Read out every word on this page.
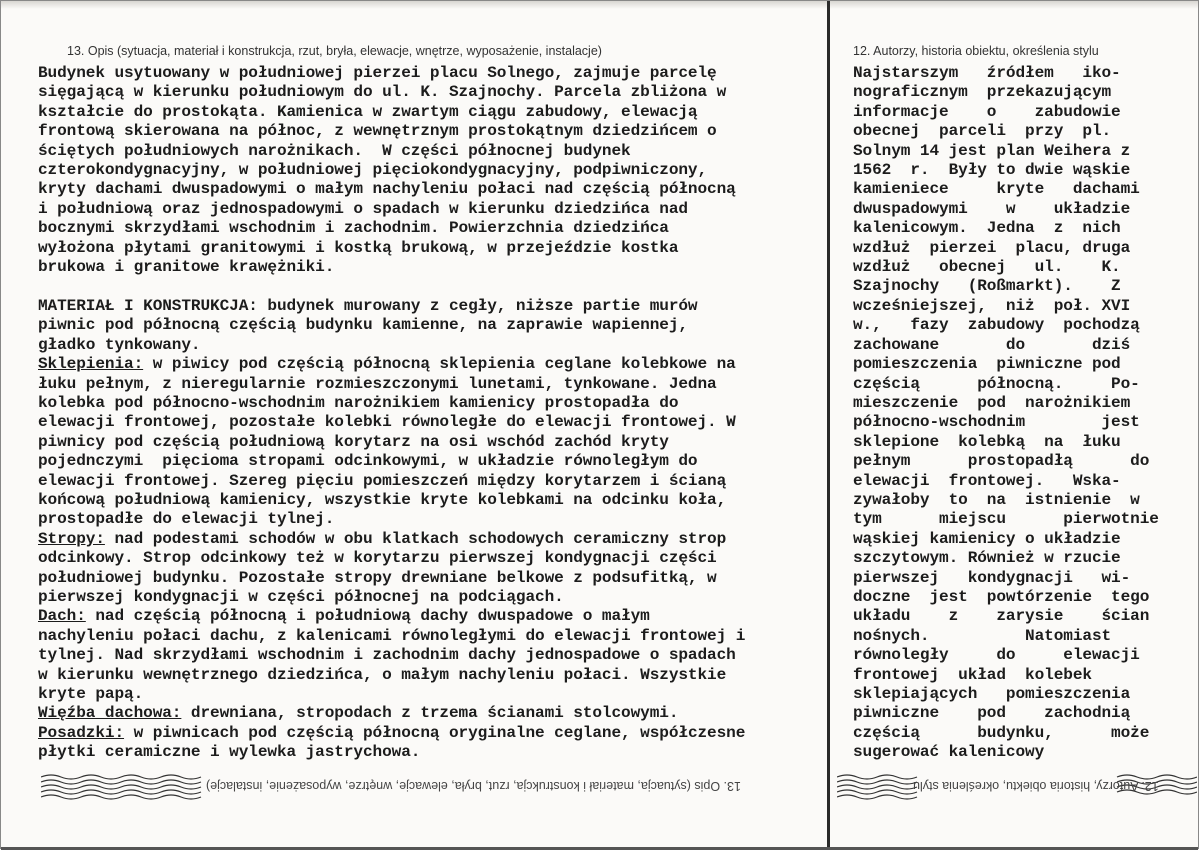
13. Opis (sytuacja, materiał i konstrukcja, rzut, bryła, elewacje, wnętrze, wyposażenie, instalacje)	12. Autorzy, historia obiektu, określenia stylu
Budynek usytuowany w południowej pierzei placu Solnego, zajmuje parcelę
sięgającą w kierunku południowym do ul. K. Szajnochy. Parcela zbliżona w
kształcie do prostokąta. Kamienica w zwartym ciągu zabudowy, elewacją
frontową skierowana na północ, z wewnętrznym prostokątnym dziedzińcem o
ściętych południowych narożnikach.  W części północnej budynek
czterokondygnacyjny, w południowej pięciokondygnacyjny, podpiwniczony,
kryty dachami dwuspadowymi o małym nachyleniu połaci nad częścią północną
i południową oraz jednospadowymi o spadach w kierunku dziedzińca nad
bocznymi skrzydłami wschodnim i zachodnim. Powierzchnia dziedzińca
wyłożona płytami granitowymi i kostką brukową, w przejeździe kostka
brukowa i granitowe krawężniki.

MATERIAŁ I KONSTRUKCJA: budynek murowany z cegły, niższe partie murów
piwnic pod północną częścią budynku kamienne, na zaprawie wapiennej,
gładko tynkowany.
Sklepienia: w piwicy pod częścią północną sklepienia ceglane kolebkowe na
łuku pełnym, z nieregularnie rozmieszczonymi lunetami, tynkowane. Jedna
kolebka pod północno-wschodnim narożnikiem kamienicy prostopadła do
elewacji frontowej, pozostałe kolebki równoległe do elewacji frontowej. W
piwnicy pod częścią południową korytarz na osi wschód zachód kryty
pojednczymi  pięcioma stropami odcinkowymi, w układzie równoległym do
elewacji frontowej. Szereg pięciu pomieszczeń między korytarzem i ścianą
końcową południową kamienicy, wszystkie kryte kolebkami na odcinku koła,
prostopadłe do elewacji tylnej.
Stropy: nad podestami schodów w obu klatkach schodowych ceramiczny strop
odcinkowy. Strop odcinkowy też w korytarzu pierwszej kondygnacji części
południowej budynku. Pozostałe stropy drewniane belkowe z podsufitką, w
pierwszej kondygnacji w części północnej na podciągach.
Dach: nad częścią północną i południową dachy dwuspadowe o małym
nachyleniu połaci dachu, z kalenicami równoległymi do elewacji frontowej i
tylnej. Nad skrzydłami wschodnim i zachodnim dachy jednospadowe o spadach
w kierunku wewnętrznego dziedzińca, o małym nachyleniu połaci. Wszystkie
kryte papą.
Więźba dachowa: drewniana, stropodach z trzema ścianami stolcowymi.
Posadzki: w piwnicach pod częścią północną oryginalne ceglane, współczesne
płytki ceramiczne i wylewka jastrychowa.
Najstarszym   źródłem   iko-
nograficznym  przekazującym
informacje    o    zabudowie
obecnej  parceli  przy  pl.
Solnym 14 jest plan Weihera z
1562  r.  Były to dwie wąskie
kamieniece     kryte   dachami
dwuspadowymi    w    układzie
kalenicowym.  Jedna  z  nich
wzdłuż  pierzei  placu, druga
wzdłuż   obecnej   ul.    K.
Szajnochy   (Roßmarkt).    Z
wcześniejszej,  niż  poł. XVI
w.,   fazy  zabudowy  pochodzą
zachowane       do       dziś
pomieszczenia  piwniczne pod
częścią      północną.     Po-
mieszczenie  pod  narożnikiem
północno-wschodnim        jest
sklepione  kolebką  na  łuku
pełnym      prostopadłą      do
elewacji  frontowej.   Wska-
zywałoby  to  na  istnienie  w
tym      miejscu      pierwotnie
wąskiej kamienicy o układzie
szczytowym. Również w rzucie
pierwszej   kondygnacji   wi-
doczne  jest  powtórzenie  tego
układu    z    zarysie    ścian
nośnych.          Natomiast
równoległy     do     elewacji
frontowej  układ  kolebek
sklepiających   pomieszczenia
piwniczne    pod    zachodnią
częścią      budynku,      może
sugerować kalenicowy
13. Opis (sytuacja, materiał i konstrukcja, rzut, bryła, elewacje, wnętrze, wyposażenie, instalacje)	12. Autorzy, historia obiektu, określenia stylu
